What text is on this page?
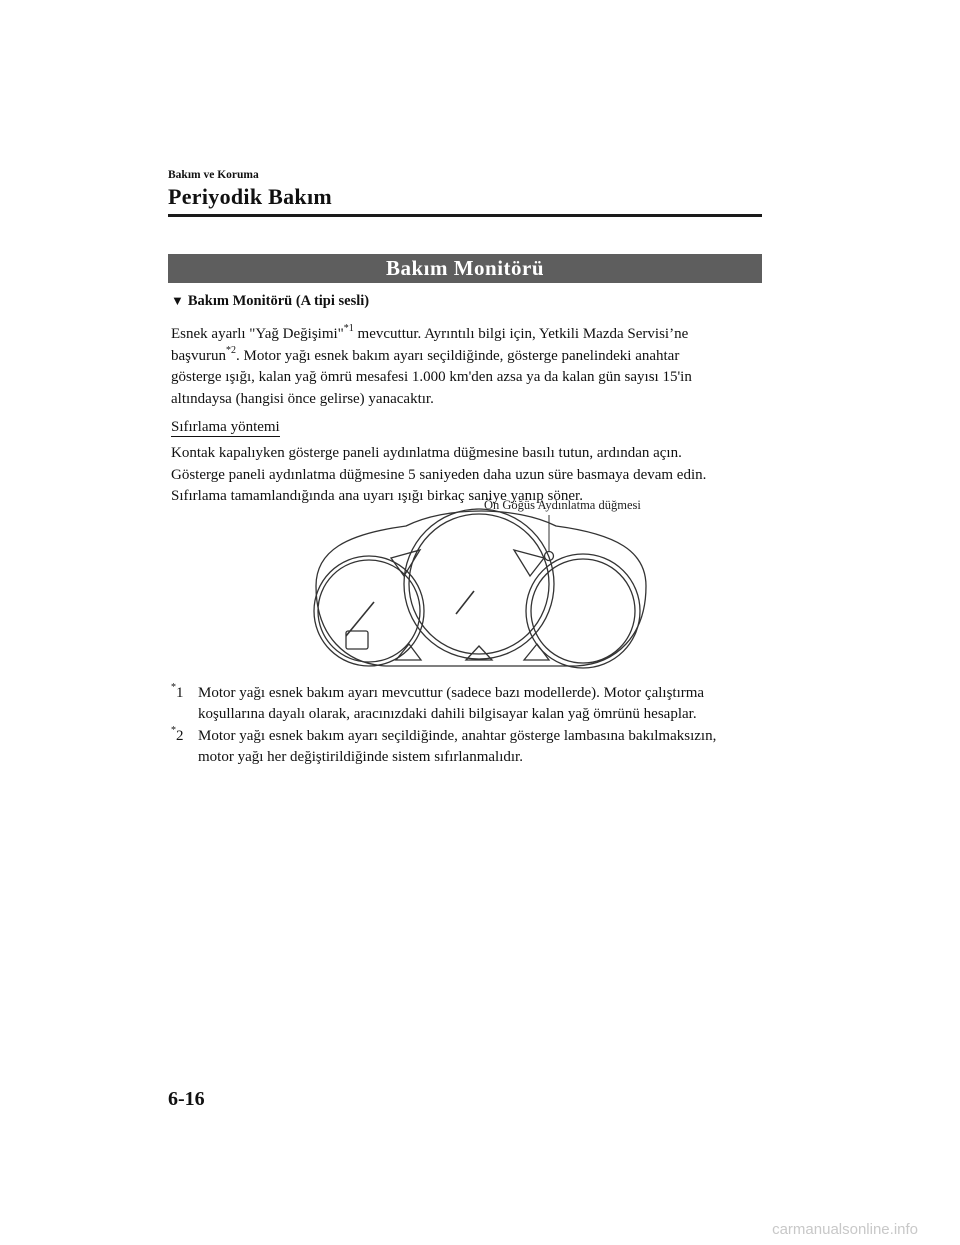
Bakım ve Koruma
Periyodik Bakım
Bakım Monitörü
▼ Bakım Monitörü (A tipi sesli)
Esnek ayarlı "Yağ Değişimi"$^{*1}$ mevcuttur. Ayrıntılı bilgi için, Yetkili Mazda Servisi’ne
başvurun$^{*2}$. Motor yağı esnek bakım ayarı seçildiğinde, gösterge panelindeki anahtar
gösterge ışığı, kalan yağ ömrü mesafesi 1.000 km'den azsa ya da kalan gün sayısı 15'in
altındaysa (hangisi önce gelirse) yanacaktır.
Sıfırlama yöntemi
Kontak kapalıyken gösterge paneli aydınlatma düğmesine basılı tutun, ardından açın.
Gösterge paneli aydınlatma düğmesine 5 saniyeden daha uzun süre basmaya devam edin.
Sıfırlama tamamlandığında ana uyarı ışığı birkaç saniye yanıp söner.
Ön Göğüs Aydınlatma düğmesi
*1 Motor yağı esnek bakım ayarı mevcuttur (sadece bazı modellerde). Motor çalıştırma
koşullarına dayalı olarak, aracınızdaki dahili bilgisayar kalan yağ ömrünü hesaplar.
*2 Motor yağı esnek bakım ayarı seçildiğinde, anahtar gösterge lambasına bakılmaksızın,
motor yağı her değiştirildiğinde sistem sıfırlanmalıdır.
6-16
carmanualsonline.info
